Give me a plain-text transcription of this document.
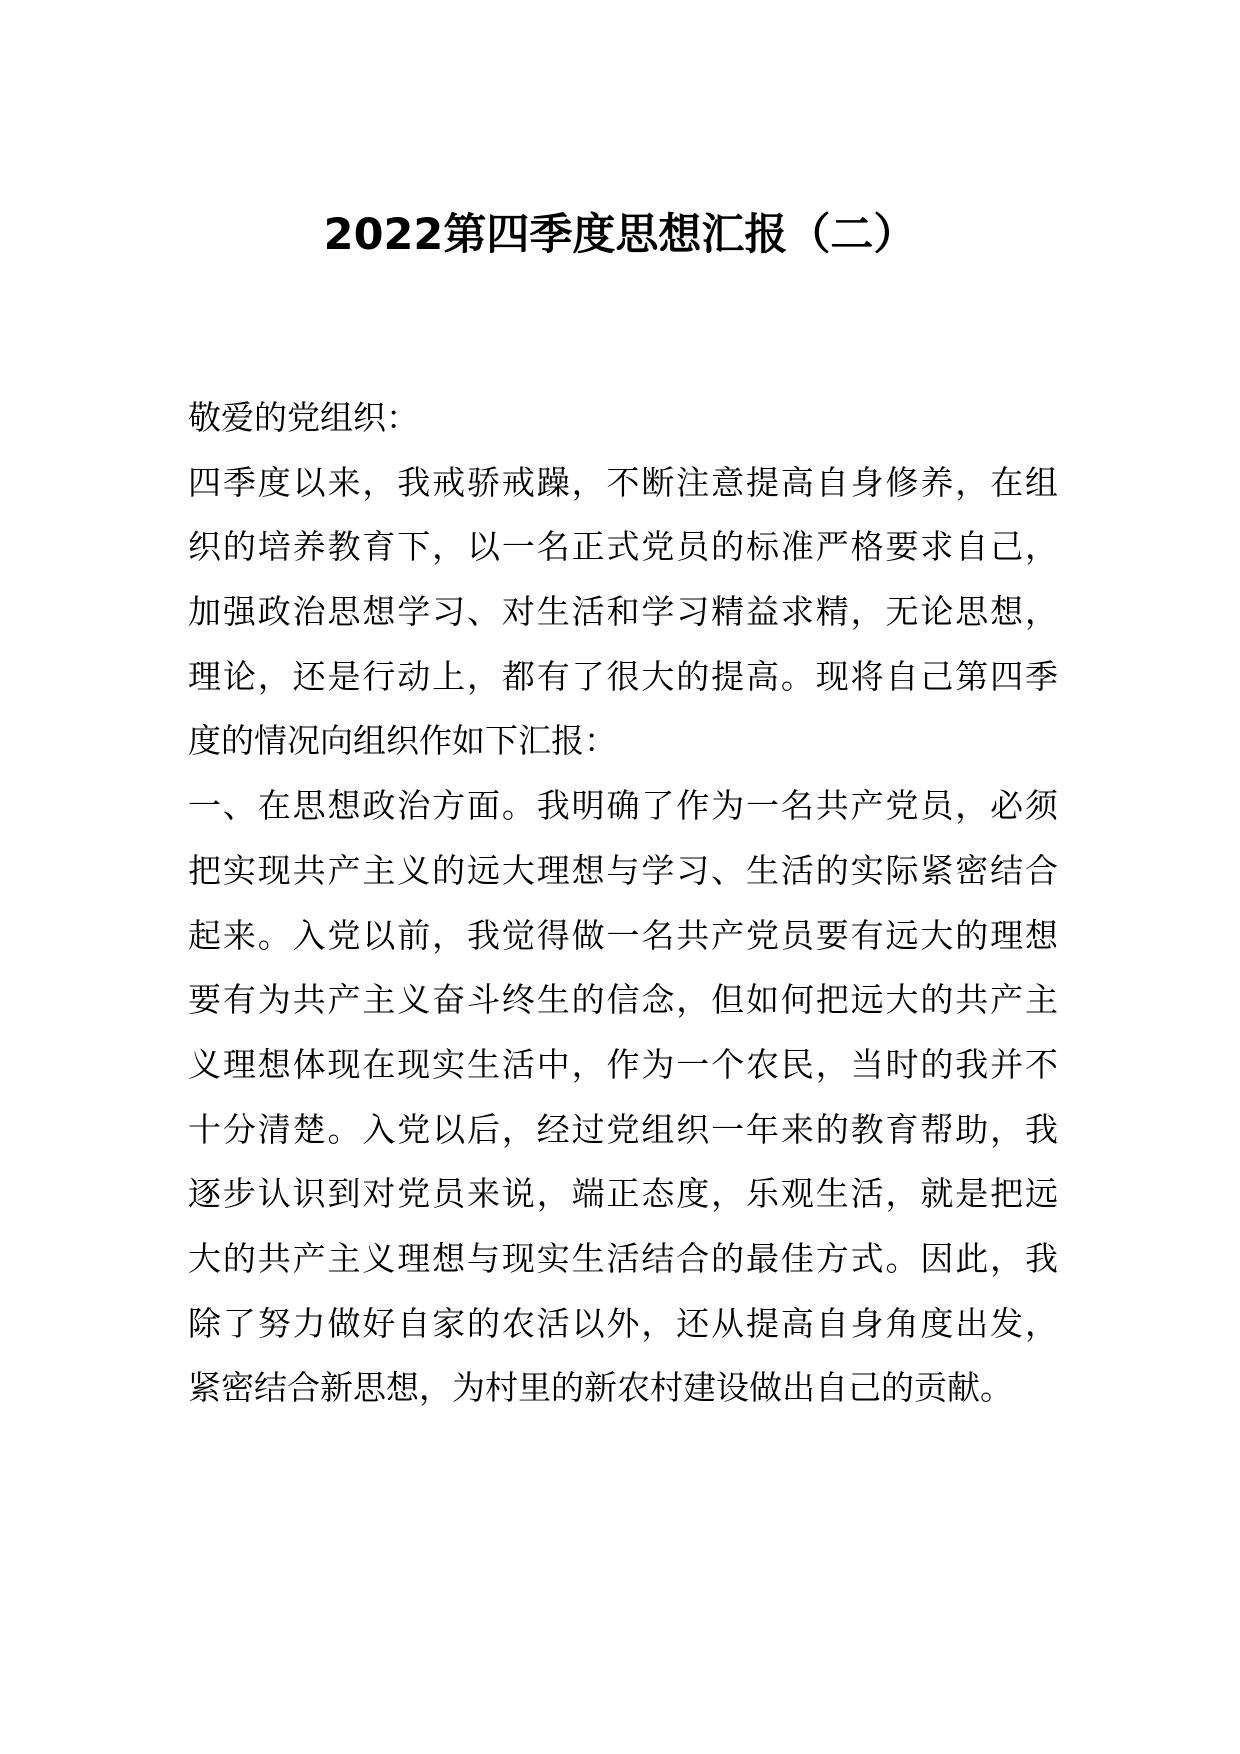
2022第四季度思想汇报（二）
敬爱的党组织：
四季度以来，我戒骄戒躁，不断注意提高自身修养，在组
织的培养教育下，以一名正式党员的标准严格要求自己，
加强政治思想学习、对生活和学习精益求精，无论思想，
理论，还是行动上，都有了很大的提高。现将自己第四季
度的情况向组织作如下汇报：
一、在思想政治方面。我明确了作为一名共产党员，必须
把实现共产主义的远大理想与学习、生活的实际紧密结合
起来。入党以前，我觉得做一名共产党员要有远大的理想
要有为共产主义奋斗终生的信念，但如何把远大的共产主
义理想体现在现实生活中，作为一个农民，当时的我并不
十分清楚。入党以后，经过党组织一年来的教育帮助，我
逐步认识到对党员来说，端正态度，乐观生活，就是把远
大的共产主义理想与现实生活结合的最佳方式。因此，我
除了努力做好自家的农活以外，还从提高自身角度出发，
紧密结合新思想，为村里的新农村建设做出自己的贡献。
